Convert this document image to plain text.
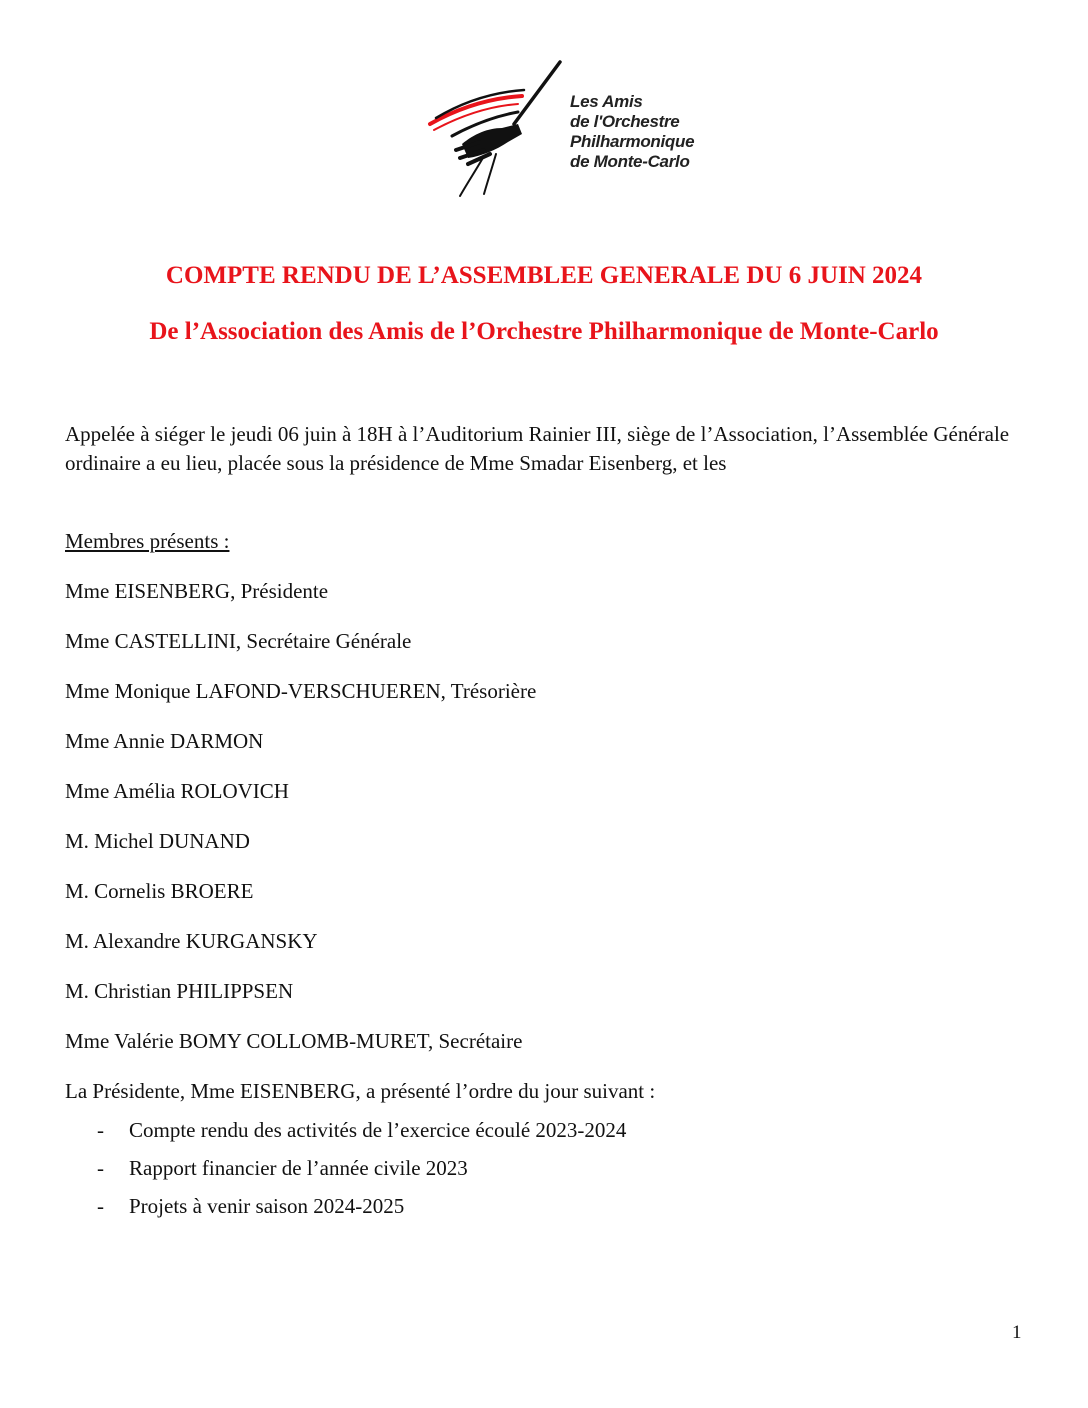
Les Amis
de l'Orchestre
Philharmonique
de Monte-Carlo
COMPTE RENDU DE L’ASSEMBLEE GENERALE DU 6 JUIN 2024
De l’Association des Amis de l’Orchestre Philharmonique de Monte-Carlo
Appelée à siéger le jeudi 06 juin à 18H à l’Auditorium Rainier III, siège de l’Association, l’Assemblée Générale ordinaire a eu lieu, placée sous la présidence de Mme Smadar Eisenberg, et les
Membres présents :
Mme EISENBERG, Présidente
Mme CASTELLINI, Secrétaire Générale
Mme Monique LAFOND-VERSCHUEREN, Trésorière
Mme Annie DARMON
Mme Amélia ROLOVICH
M. Michel DUNAND
M. Cornelis BROERE
M. Alexandre KURGANSKY
M. Christian PHILIPPSEN
Mme Valérie BOMY COLLOMB-MURET, Secrétaire
La Présidente, Mme EISENBERG, a présenté l’ordre du jour suivant :
- Compte rendu des activités de l’exercice écoulé 2023-2024
- Rapport financier de l’année civile 2023
- Projets à venir saison 2024-2025
1
